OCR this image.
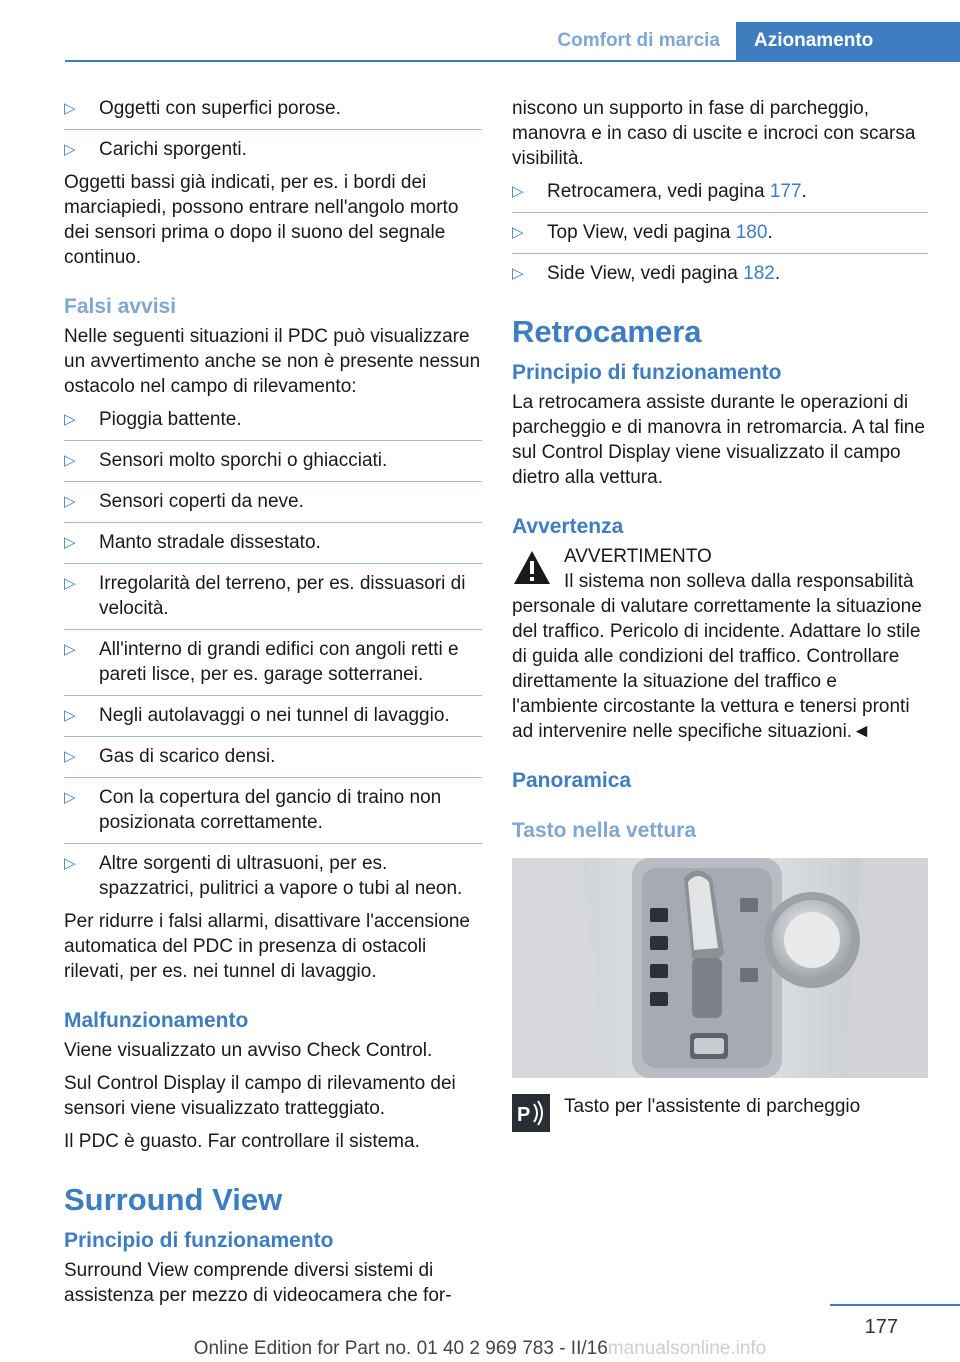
Comfort di marcia	Azionamento
▷ Oggetti con superfici porose.
▷ Carichi sporgenti.
Oggetti bassi già indicati, per es. i bordi dei marciapiedi, possono entrare nell'angolo morto dei sensori prima o dopo il suono del segnale continuo.
Falsi avvisi
Nelle seguenti situazioni il PDC può visualizzare un avvertimento anche se non è presente nessun ostacolo nel campo di rilevamento:
▷ Pioggia battente.
▷ Sensori molto sporchi o ghiacciati.
▷ Sensori coperti da neve.
▷ Manto stradale dissestato.
▷ Irregolarità del terreno, per es. dissuasori di velocità.
▷ All'interno di grandi edifici con angoli retti e pareti lisce, per es. garage sotterranei.
▷ Negli autolavaggi o nei tunnel di lavaggio.
▷ Gas di scarico densi.
▷ Con la copertura del gancio di traino non posizionata correttamente.
▷ Altre sorgenti di ultrasuoni, per es. spazzatrici, pulitrici a vapore o tubi al neon.
Per ridurre i falsi allarmi, disattivare l'accensione automatica del PDC in presenza di ostacoli rilevati, per es. nei tunnel di lavaggio.
Malfunzionamento
Viene visualizzato un avviso Check Control.
Sul Control Display il campo di rilevamento dei sensori viene visualizzato tratteggiato.
Il PDC è guasto. Far controllare il sistema.
Surround View
Principio di funzionamento
Surround View comprende diversi sistemi di assistenza per mezzo di videocamera che for-
niscono un supporto in fase di parcheggio, manovra e in caso di uscite e incroci con scarsa visibilità.
▷ Retrocamera, vedi pagina 177.
▷ Top View, vedi pagina 180.
▷ Side View, vedi pagina 182.
Retrocamera
Principio di funzionamento
La retrocamera assiste durante le operazioni di parcheggio e di manovra in retromarcia. A tal fine sul Control Display viene visualizzato il campo dietro alla vettura.
Avvertenza
AVVERTIMENTO
Il sistema non solleva dalla responsabilità personale di valutare correttamente la situazione del traffico. Pericolo di incidente. Adattare lo stile di guida alle condizioni del traffico. Controllare direttamente la situazione del traffico e l'ambiente circostante la vettura e tenersi pronti ad intervenire nelle specifiche situazioni.◄
Panoramica
Tasto nella vettura
P Tasto per l'assistente di parcheggio
177
Online Edition for Part no. 01 40 2 969 783 - II/16manualsonline.info
